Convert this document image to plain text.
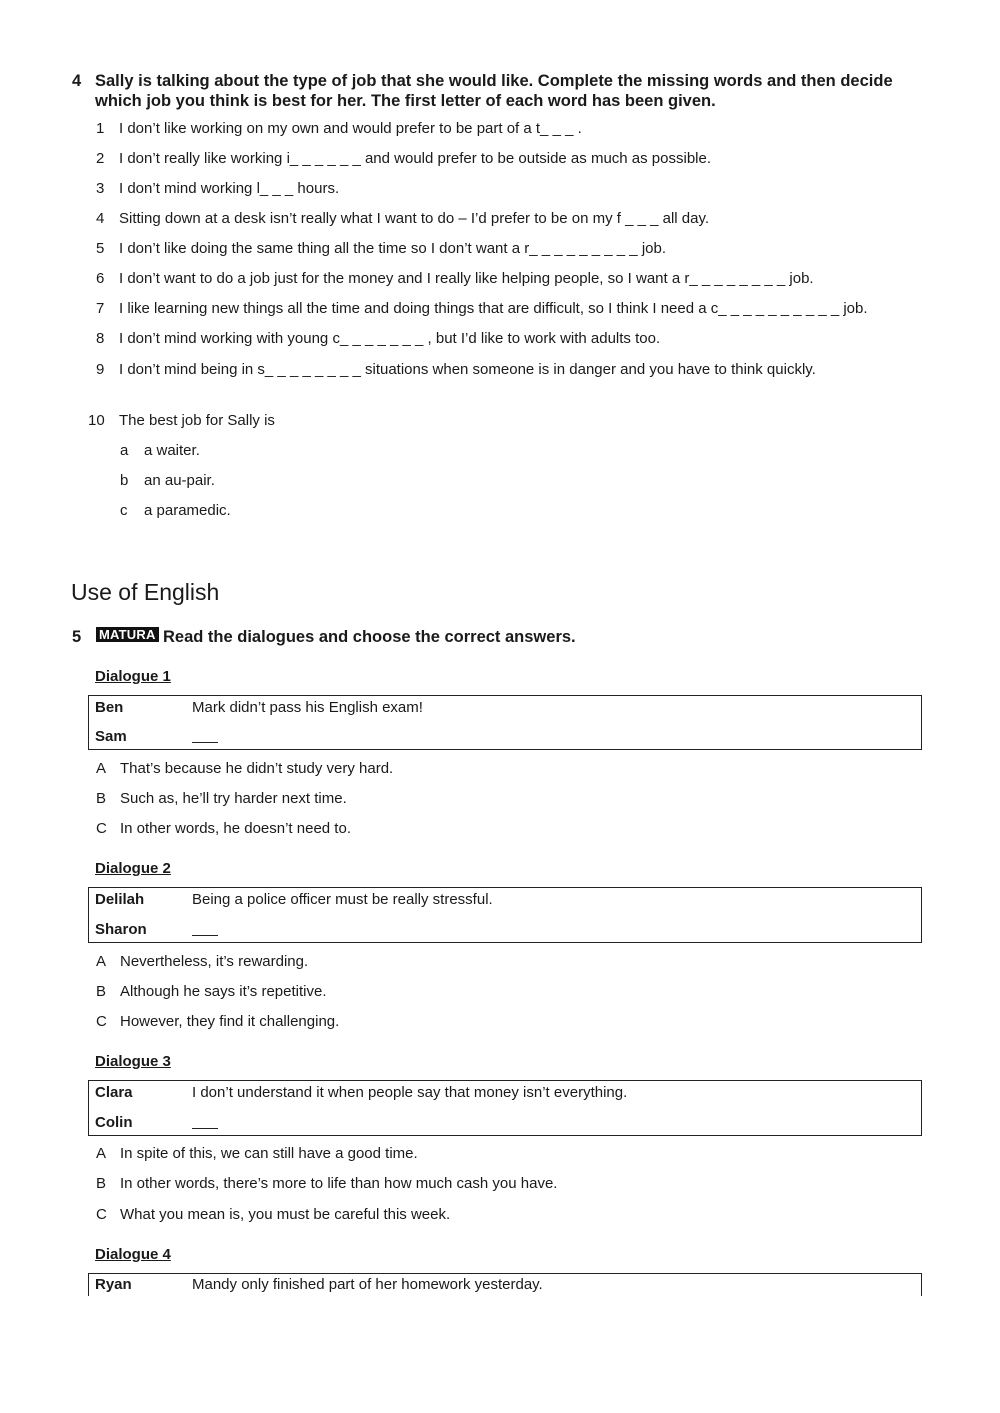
4 Sally is talking about the type of job that she would like. Complete the missing words and then decide which job you think is best for her. The first letter of each word has been given.
1 I don’t like working on my own and would prefer to be part of a t_ _ _ .
2 I don’t really like working i_ _ _ _ _ _ and would prefer to be outside as much as possible.
3 I don’t mind working l_ _ _ hours.
4 Sitting down at a desk isn’t really what I want to do – I’d prefer to be on my f _ _ _ all day.
5 I don’t like doing the same thing all the time so I don’t want a r_ _ _ _ _ _ _ _ _ job.
6 I don’t want to do a job just for the money and I really like helping people, so I want a r_ _ _ _ _ _ _ _ job.
7 I like learning new things all the time and doing things that are difficult, so I think I need a c_ _ _ _ _ _ _ _ _ _ job.
8 I don’t mind working with young c_ _ _ _ _ _ _ , but I’d like to work with adults too.
9 I don’t mind being in s_ _ _ _ _ _ _ _ situations when someone is in danger and you have to think quickly.
10 The best job for Sally is
a a waiter.
b an au-pair.
c a paramedic.
Use of English
5 MATURA Read the dialogues and choose the correct answers.
Dialogue 1
Ben	Mark didn’t pass his English exam!
Sam
A That’s because he didn’t study very hard.
B Such as, he’ll try harder next time.
C In other words, he doesn’t need to.
Dialogue 2
Delilah	Being a police officer must be really stressful.
Sharon
A Nevertheless, it’s rewarding.
B Although he says it’s repetitive.
C However, they find it challenging.
Dialogue 3
Clara	I don’t understand it when people say that money isn’t everything.
Colin
A In spite of this, we can still have a good time.
B In other words, there’s more to life than how much cash you have.
C What you mean is, you must be careful this week.
Dialogue 4
Ryan	Mandy only finished part of her homework yesterday.
